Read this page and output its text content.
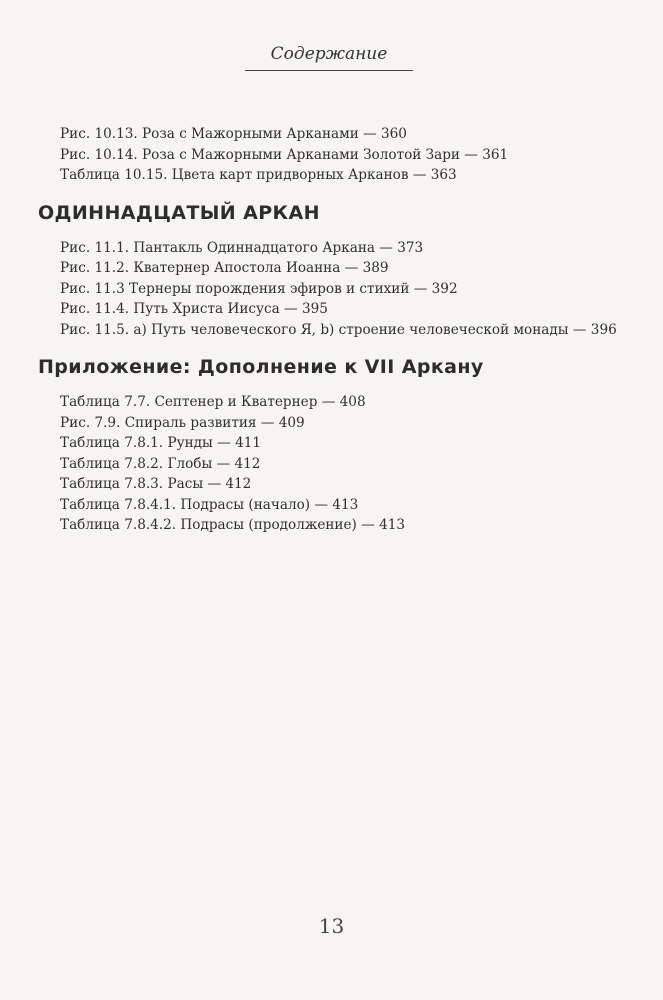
Содержание
Рис. 10.13. Роза с Мажорными Арканами — 360
Рис. 10.14. Роза с Мажорными Арканами Золотой Зари — 361
Таблица 10.15. Цвета карт придворных Арканов — 363
ОДИННАДЦАТЫЙ АРКАН
Рис. 11.1. Пантакль Одиннадцатого Аркана — 373
Рис. 11.2. Кватернер Апостола Иоанна — 389
Рис. 11.3 Тернеры порождения эфиров и стихий — 392
Рис. 11.4. Путь Христа Иисуса — 395
Рис. 11.5. а) Путь человеческого Я, b) строение человеческой монады — 396
Приложение: Дополнение к VII Аркану
Таблица 7.7. Септенер и Кватернер — 408
Рис. 7.9. Спираль развития — 409
Таблица 7.8.1. Рунды — 411
Таблица 7.8.2. Глобы — 412
Таблица 7.8.3. Расы — 412
Таблица 7.8.4.1. Подрасы (начало) — 413
Таблица 7.8.4.2. Подрасы (продолжение) — 413
13
